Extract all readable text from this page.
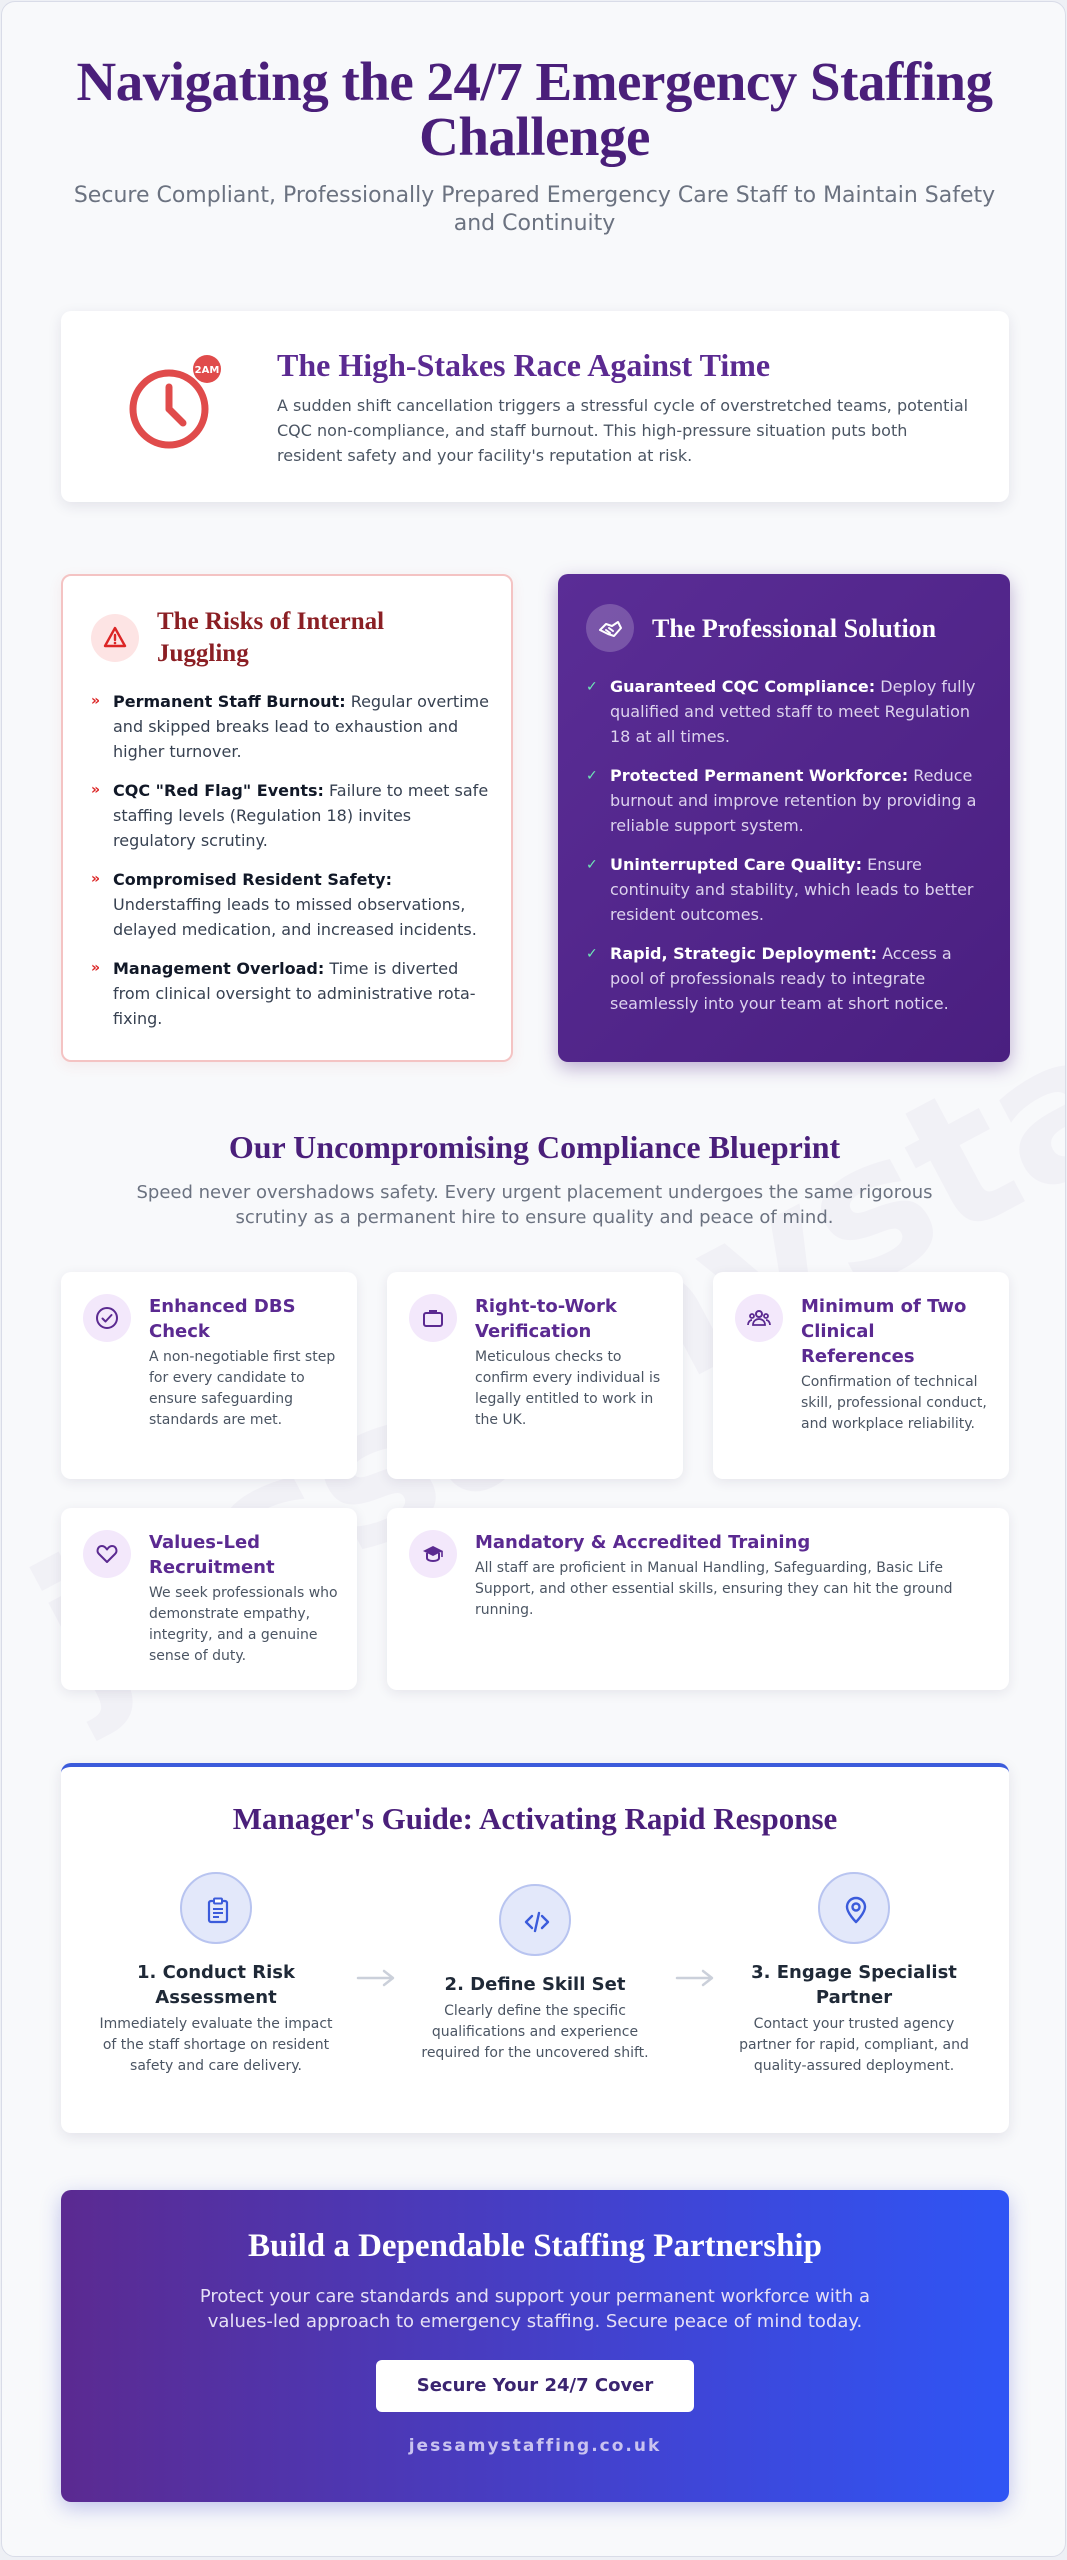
Navigating the 24/7 Emergency Staffing Challenge

Secure Compliant, Professionally Prepared Emergency Care Staff to Maintain Safety and Continuity

2AM The High-Stakes Race Against Time

A sudden shift cancellation triggers a stressful cycle of overstretched teams, potential CQC non-compliance, and staff burnout. This high-pressure situation puts both resident safety and your facility's reputation at risk.

The Risks of Internal Juggling
» Permanent Staff Burnout: Regular overtime and skipped breaks lead to exhaustion and higher turnover.
» CQC "Red Flag" Events: Failure to meet safe staffing levels (Regulation 18) invites regulatory scrutiny.
» Compromised Resident Safety: Understaffing leads to missed observations, delayed medication, and increased incidents.
» Management Overload: Time is diverted from clinical oversight to administrative rota-fixing.
The Professional Solution
✓ Guaranteed CQC Compliance: Deploy fully qualified and vetted staff to meet Regulation 18 at all times.
✓ Protected Permanent Workforce: Reduce burnout and improve retention by providing a reliable support system.
✓ Uninterrupted Care Quality: Ensure continuity and stability, which leads to better resident outcomes.
✓ Rapid, Strategic Deployment: Access a pool of professionals ready to integrate seamlessly into your team at short notice.
Our Uncompromising Compliance Blueprint

Speed never overshadows safety. Every urgent placement undergoes the same rigorous scrutiny as a permanent hire to ensure quality and peace of mind.

Enhanced DBS Check

A non-negotiable first step for every candidate to ensure safeguarding standards are met.

Right-to-Work Verification

Meticulous checks to confirm every individual is legally entitled to work in the UK.

Minimum of Two Clinical References

Confirmation of technical skill, professional conduct, and workplace reliability.

Values-Led Recruitment

We seek professionals who demonstrate empathy, integrity, and a genuine sense of duty.

Mandatory & Accredited Training

All staff are proficient in Manual Handling, Safeguarding, Basic Life Support, and other essential skills, ensuring they can hit the ground running.

Manager's Guide: Activating Rapid Response
1. Conduct Risk Assessment

Immediately evaluate the impact of the staff shortage on resident safety and care delivery.

2. Define Skill Set

Clearly define the specific qualifications and experience required for the uncovered shift.

3. Engage Specialist Partner

Contact your trusted agency partner for rapid, compliant, and quality-assured deployment.

Build a Dependable Staffing Partnership

Protect your care standards and support your permanent workforce with a values-led approach to emergency staffing. Secure peace of mind today.

Secure Your 24/7 Cover
jessamystaffing.co.uk
